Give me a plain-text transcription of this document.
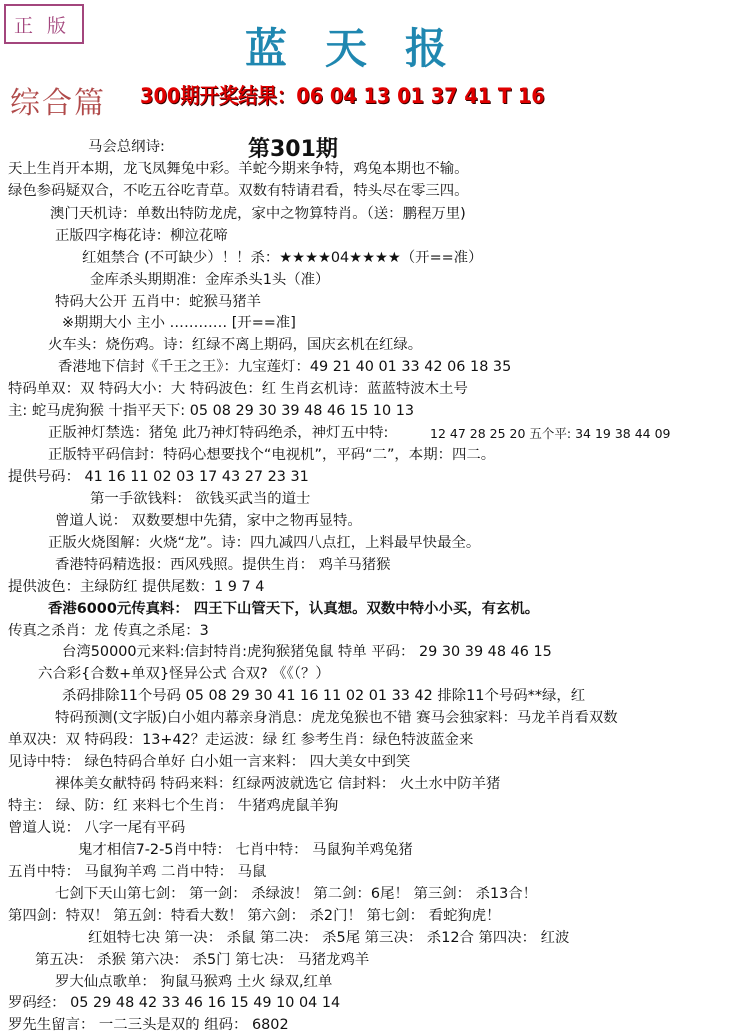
正版	蓝天报
综合篇 300期开奖结果：06 04 13 01 37 41 T 16
第301期
马会总纲诗:
天上生肖开本期，龙飞凤舞兔中彩。羊蛇今期来争特，鸡兔本期也不输。
绿色参码疑双合，不吃五谷吃青草。双数有特请君看，特头尽在零三四。
澳门天机诗：单数出特防龙虎，家中之物算特肖。（送：鹏程万里)
正版四字梅花诗：柳泣花啼
红姐禁合 (不可缺少）！！杀：★★★★04★★★★（开==准）
金库杀头期期准：金库杀头1头（准）
特码大公开 五肖中：蛇猴马猪羊
※期期大小 主小 ………… [开==准]
火车头：烧伤鸡。诗：红绿不离上期码，国庆玄机在红绿。
香港地下信封《千王之王》：九宝莲灯：49 21 40 01 33 42 06 18 35
特码单双：双 特码大小：大 特码波色：红 生肖玄机诗：蓝蓝特波木土号
主: 蛇马虎狗猴 十指平天下: 05 08 29 30 39 48 46 15 10 13
正版神灯禁选：猪兔 此乃神灯特码绝杀，神灯五中特:	12 47 28 25 20 五个平: 34 19 38 44 09
正版特平码信封：特码心想要找个“电视机”，平码“二”，本期：四二。
提供号码： 41 16 11 02 03 17 43 27 23 31
第一手欲钱料： 欲钱买武当的道士
曾道人说： 双数要想中先猜，家中之物再显特。
正版火烧图解：火烧“龙”。诗：四九减四八点扛，上料最早快最全。
香港特码精选报：西风残照。提供生肖： 鸡羊马猪猴
提供波色：主绿防红 提供尾数：1 9 7 4
香港6000元传真料： 四王下山管天下，认真想。双数中特小小买，有玄机。
传真之杀肖：龙 传真之杀尾：3
台湾50000元来料:信封特肖:虎狗猴猪兔鼠 特单 平码： 29 30 39 48 46 15
六合彩{合数+单双}怪异公式 合双? 《《（？）
杀码排除11个号码 05 08 29 30 41 16 11 02 01 33 42 排除11个号码**绿，红
特码预测(文字版)白小姐内幕亲身消息：虎龙兔猴也不错 赛马会独家料：马龙羊肖看双数
单双决：双 特码段：13+42？走运波：绿 红 参考生肖：绿色特波蓝金来
见诗中特： 绿色特码合单好 白小姐一言来料： 四大美女中到笑
裸体美女献特码 特码来料：红绿两波就选它 信封料： 火土水中防羊猪
特主： 绿、防：红 来料七个生肖： 牛猪鸡虎鼠羊狗
曾道人说： 八字一尾有平码
鬼才相信7-2-5肖中特： 七肖中特： 马鼠狗羊鸡兔猪
五肖中特： 马鼠狗羊鸡 二肖中特： 马鼠
七剑下天山第七剑： 第一剑： 杀绿波！ 第二剑：6尾！ 第三剑： 杀13合！
第四剑：特双！ 第五剑：特看大数！ 第六剑： 杀2门！ 第七剑： 看蛇狗虎！
红姐特七决 第一决： 杀鼠 第二决： 杀5尾 第三决： 杀12合 第四决： 红波
第五决： 杀猴 第六决： 杀5门 第七决： 马猪龙鸡羊
罗大仙点歌单： 狗鼠马猴鸡 土火 绿双,红单
罗码经： 05 29 48 42 33 46 16 15 49 10 04 14
罗先生留言： 一二三头是双的 组码： 6802
